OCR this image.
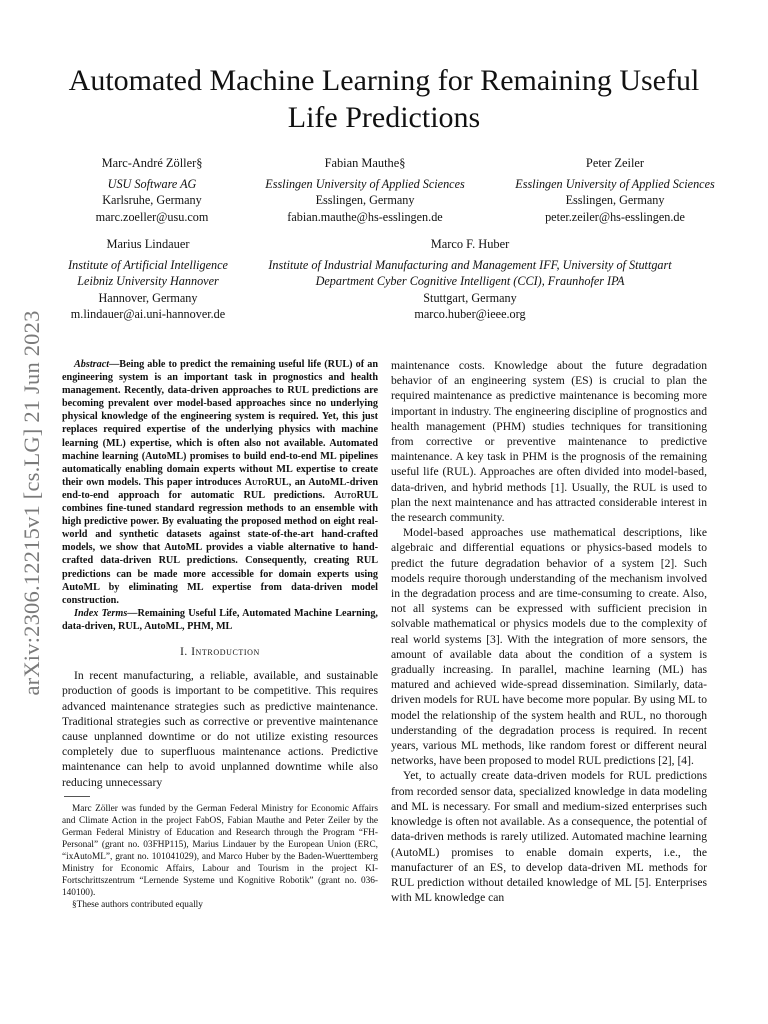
arXiv:2306.12215v1 [cs.LG] 21 Jun 2023
Automated Machine Learning for Remaining Useful Life Predictions
Marc-André Zöller§
USU Software AG
Karlsruhe, Germany
marc.zoeller@usu.com
Fabian Mauthe§
Esslingen University of Applied Sciences
Esslingen, Germany
fabian.mauthe@hs-esslingen.de
Peter Zeiler
Esslingen University of Applied Sciences
Esslingen, Germany
peter.zeiler@hs-esslingen.de
Marius Lindauer
Institute of Artificial Intelligence
Leibniz University Hannover
Hannover, Germany
m.lindauer@ai.uni-hannover.de
Marco F. Huber
Institute of Industrial Manufacturing and Management IFF, University of Stuttgart
Department Cyber Cognitive Intelligent (CCI), Fraunhofer IPA
Stuttgart, Germany
marco.huber@ieee.org

Abstract—Being able to predict the remaining useful life (RUL) of an engineering system is an important task in prognostics and health management. Recently, data-driven approaches to RUL predictions are becoming prevalent over model-based approaches since no underlying physical knowledge of the engineering system is required. Yet, this just replaces required expertise of the underlying physics with machine learning (ML) expertise, which is often also not available. Automated machine learning (AutoML) promises to build end-to-end ML pipelines automatically enabling domain experts without ML expertise to create their own models. This paper introduces AutoRUL, an AutoML-driven end-to-end approach for automatic RUL predictions. AutoRUL combines fine-tuned standard regression methods to an ensemble with high predictive power. By evaluating the proposed method on eight real-world and synthetic datasets against state-of-the-art hand-crafted models, we show that AutoML provides a viable alternative to hand-crafted data-driven RUL predictions. Consequently, creating RUL predictions can be made more accessible for domain experts using AutoML by eliminating ML expertise from data-driven model construction.

Index Terms—Remaining Useful Life, Automated Machine Learning, data-driven, RUL, AutoML, PHM, ML

I. Introduction

In recent manufacturing, a reliable, available, and sustainable production of goods is important to be competitive. This requires advanced maintenance strategies such as predictive maintenance. Traditional strategies such as corrective or preventive maintenance cause unplanned downtime or do not utilize existing resources completely due to superfluous maintenance actions. Predictive maintenance can help to avoid unplanned downtime while also reducing unnecessary

Marc Zöller was funded by the German Federal Ministry for Economic Affairs and Climate Action in the project FabOS, Fabian Mauthe and Peter Zeiler by the German Federal Ministry of Education and Research through the Program “FH-Personal” (grant no. 03FHP115), Marius Lindauer by the European Union (ERC, “ixAutoML”, grant no. 101041029), and Marco Huber by the Baden-Wuerttemberg Ministry for Economic Affairs, Labour and Tourism in the project KI-Fortschrittszentrum “Lernende Systeme und Kognitive Robotik” (grant no. 036-140100).

§These authors contributed equally

maintenance costs. Knowledge about the future degradation behavior of an engineering system (ES) is crucial to plan the required maintenance as predictive maintenance is becoming more important in industry. The engineering discipline of prognostics and health management (PHM) studies techniques for transitioning from corrective or preventive maintenance to predictive maintenance. A key task in PHM is the prognosis of the remaining useful life (RUL). Approaches are often divided into model-based, data-driven, and hybrid methods [1]. Usually, the RUL is used to plan the next maintenance and has attracted considerable interest in the research community.

Model-based approaches use mathematical descriptions, like algebraic and differential equations or physics-based models to predict the future degradation behavior of a system [2]. Such models require thorough understanding of the mechanism involved in the degradation process and are time-consuming to create. Also, not all systems can be expressed with sufficient precision in solvable mathematical or physics models due to the complexity of real world systems [3]. With the integration of more sensors, the amount of available data about the condition of a system is gradually increasing. In parallel, machine learning (ML) has matured and achieved wide-spread dissemination. Similarly, data-driven models for RUL have become more popular. By using ML to model the relationship of the system health and RUL, no thorough understanding of the degradation process is required. In recent years, various ML methods, like random forest or different neural networks, have been proposed to model RUL predictions [2], [4].

Yet, to actually create data-driven models for RUL predictions from recorded sensor data, specialized knowledge in data modeling and ML is necessary. For small and medium-sized enterprises such knowledge is often not available. As a consequence, the potential of data-driven methods is rarely utilized. Automated machine learning (AutoML) promises to enable domain experts, i.e., the manufacturer of an ES, to develop data-driven ML methods for RUL prediction without detailed knowledge of ML [5]. Enterprises with ML knowledge can
